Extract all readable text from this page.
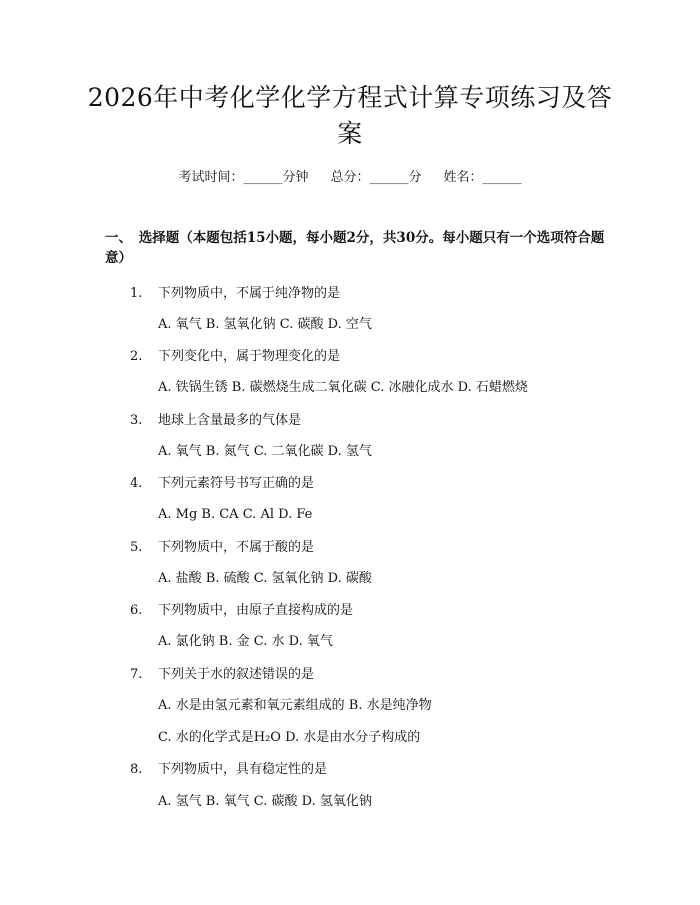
2026年中考化学化学方程式计算专项练习及答案
考试时间：______分钟 总分：______分 姓名：______
一、　选择题（本题包括15小题，每小题2分，共30分。每小题只有一个选项符合题意）
1. 下列物质中，不属于纯净物的是
A. 氧气 B. 氢氧化钠 C. 碳酸 D. 空气
2. 下列变化中，属于物理变化的是
A. 铁锅生锈 B. 碳燃烧生成二氧化碳 C. 冰融化成水 D. 石蜡燃烧
3. 地球上含量最多的气体是
A. 氧气 B. 氮气 C. 二氧化碳 D. 氢气
4. 下列元素符号书写正确的是
A. Mg B. CA C. Al D. Fe
5. 下列物质中，不属于酸的是
A. 盐酸 B. 硫酸 C. 氢氧化钠 D. 碳酸
6. 下列物质中，由原子直接构成的是
A. 氯化钠 B. 金 C. 水 D. 氧气
7. 下列关于水的叙述错误的是
A. 水是由氢元素和氧元素组成的 B. 水是纯净物
C. 水的化学式是H₂O D. 水是由水分子构成的
8. 下列物质中，具有稳定性的是
A. 氢气 B. 氧气 C. 碳酸 D. 氢氧化钠
